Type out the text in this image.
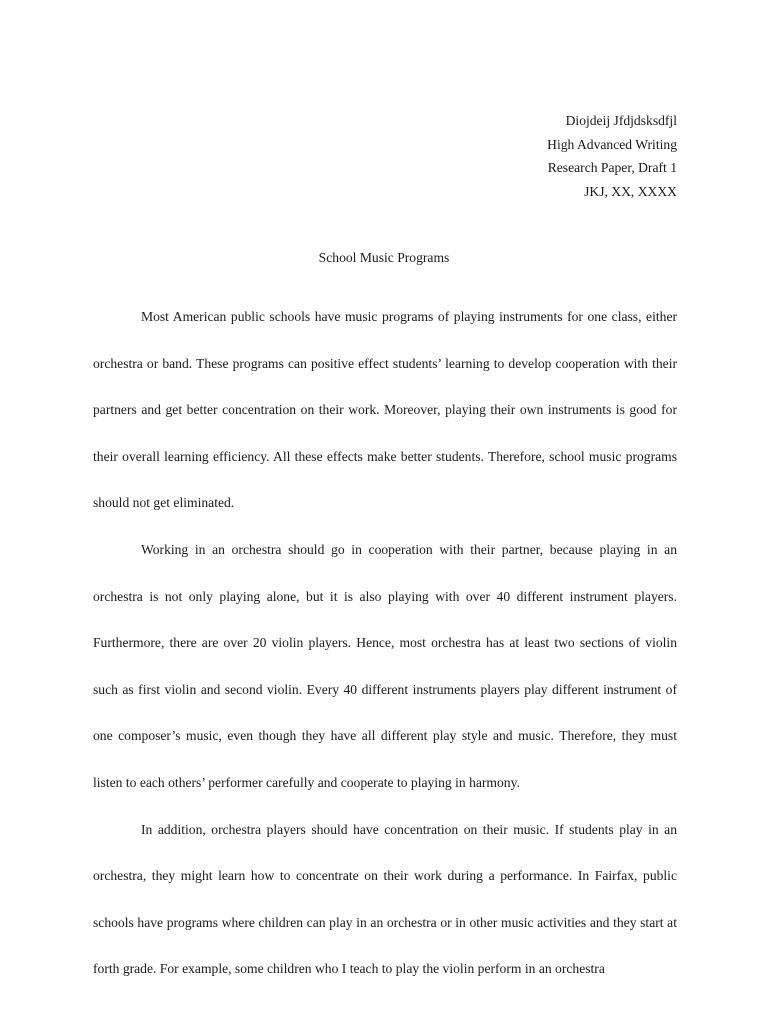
Diojdeij Jfdjdsksdfjl
High Advanced Writing
Research Paper, Draft 1
JKJ, XX, XXXX
School Music Programs

Most American public schools have music programs of playing instruments for one class, either orchestra or band. These programs can positive effect students’ learning to develop cooperation with their partners and get better concentration on their work. Moreover, playing their own instruments is good for their overall learning efficiency. All these effects make better students. Therefore, school music programs should not get eliminated.

Working in an orchestra should go in cooperation with their partner, because playing in an orchestra is not only playing alone, but it is also playing with over 40 different instrument players. Furthermore, there are over 20 violin players. Hence, most orchestra has at least two sections of violin such as first violin and second violin. Every 40 different instruments players play different instrument of one composer’s music, even though they have all different play style and music. Therefore, they must listen to each others’ performer carefully and cooperate to playing in harmony.

In addition, orchestra players should have concentration on their music. If students play in an orchestra, they might learn how to concentrate on their work during a performance. In Fairfax, public schools have programs where children can play in an orchestra or in other music activities and they start at forth grade. For example, some children who I teach to play the violin perform in an orchestra
